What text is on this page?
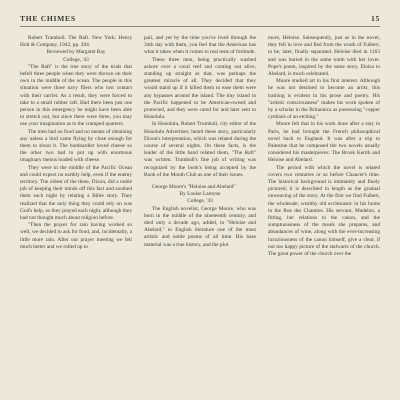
THE CHIMES	15

Robert Tramboll. The Raft. New York: Henry Holt & Company, 1942, pp. 204.

Reviewed by Margaret Ray

College, '43

"The Raft" is the true story of the trials that befell three people when they were thrown on their own in the middle of the ocean. The people in this situation were three navy fliers who lost contact with their carrier. As a result, they were forced to take to a small rubber raft. Had there been just one person in this emergency he might have been able to stretch out, but since there were three, you may use your imagination as to the cramped quarters.

The men had no food and no means of obtaining any unless a bird came flying by close enough for them to shoot it. The bombardier loved cheese so the other two had to put up with enormous imaginary menus loaded with cheese.

They were in the middle of the Pacific Ocean and could expect no earthly help, even if the enemy territory. The oldest of the three, Dixon, did a noble job of keeping their minds off this fact and soothed them each night by relating a Bible story. They realized that the only thing they could rely on was God's help, so they prayed each night, although they had not thought much about religion before.

"Then the prayer for rain having worked so well, we decided to ask for food, and, incidentally, a little more rain. After our prayer meeting we felt much better and we rolled up to

pail, and yet by the time you've lived through the 34th day with them, you feel that the American has what it takes when it comes to real tests of fortitude.

These three men, being practically washed ashore over a coral reef and coming out alive, standing up straight as that, was perhaps the greatest miracle of all. They decided that they would stand up if it killed them to ease them were any bypasses around the island. The tiny island in the Pacific happened to be American-owned and protected, and they were cared for and later sent to Honolulu.

In Honolulu, Robert Trumbull, city editor of the Honolulu Advertiser, heard these story, particularly Dixon's interpretation, which was related during the course of several nights. On these facts, is the leader of the little band related them, "The Raft" was written. Trumbull's fine job of writing was recognized by the book's being accepted by the Book of the Month Club as one of their issues.

George Moore's "Heloise and Abelard"

By Louise Lareyne

College, '43

The English novelist, George Moore, who was born in the middle of the nineteenth century, and died only a decade ago, added, in "Heloise and Abelard," to English literature one of the most artistic and noble poems of all time. His base material was a true history, and the plot

more, Heloise. Subsequently, just as in the novel, they fell in love and fled from the wrath of Fulbert, to be, later, finally separated. Heloise died in 1163 and was buried in the same tomb with her lover. Pope's poem, inspired by the same story, Eloisa to Abelard, is much celebrated.

Moore studied art in his first interest. Although he was not destined to become an artist, this training is evident in his prose and poetry. His "artistic consciousness" makes his work spoken of by a scholar in the Britannica as possessing "copper cymbals of an etching."

Moore felt that in his work done after a stay in Paris, he had brought the French philosophical novel back to England. It was after a trip to Palestine that he composed the two novels usually considered his masterpieces: The Brook Kerith and Heloise and Abelard.

The period with which the novel is related covers two centuries or so before Chaucer's time. The historical background is intimately and finely pictured; it is described in length as the gradual unweaving of the story. At the first we find Fulbert, the wholesale, wealthy old ecclesiastic in his home in the Rue des Chantres. His servant, Madelon, a fitting, her relations to the canon, and the sumptuousness of the meals she prepares, and abundances of wine, along with the ever-increasing luxuriousness of the canon himself, give a clear, if not too happy picture of the stalwarts of the church. The great power of the church over the
